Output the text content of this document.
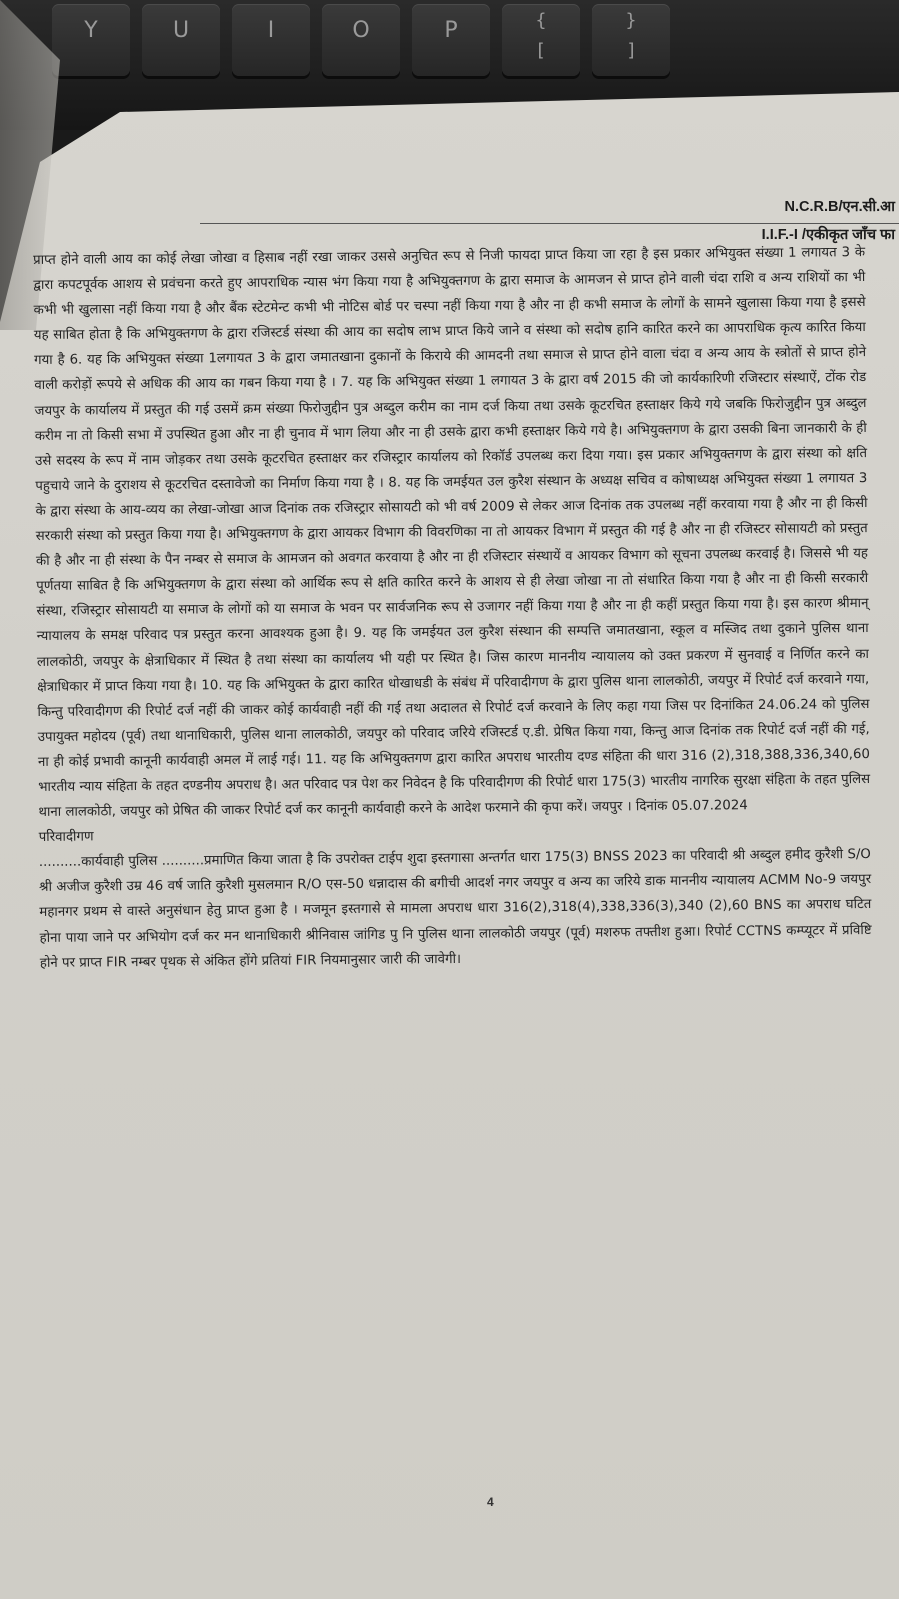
Y	U	I	O	P	{
[
}
]
N.C.R.B/एन.सी.आ
I.I.F.-I /एकीकृत जाँच फा

प्राप्त होने वाली आय का कोई लेखा जोखा व हिसाब नहीं रखा जाकर उससे अनुचित रूप से निजी फायदा प्राप्त किया जा रहा है इस प्रकार अभियुक्त संख्या 1 लगायत 3 के द्वारा कपटपूर्वक आशय से प्रवंचना करते हुए आपराधिक न्यास भंग किया गया है अभियुक्तगण के द्वारा समाज के आमजन से प्राप्त होने वाली चंदा राशि व अन्य राशियों का भी कभी भी खुलासा नहीं किया गया है और बैंक स्टेटमेन्ट कभी भी नोटिस बोर्ड पर चस्पा नहीं किया गया है और ना ही कभी समाज के लोगों के सामने खुलासा किया गया है इससे यह साबित होता है कि अभियुक्तगण के द्वारा रजिस्टर्ड संस्था की आय का सदोष लाभ प्राप्त किये जाने व संस्था को सदोष हानि कारित करने का आपराधिक कृत्य कारित किया गया है 6. यह कि अभियुक्त संख्या 1लगायत 3 के द्वारा जमातखाना दुकानों के किराये की आमदनी तथा समाज से प्राप्त होने वाला चंदा व अन्य आय के स्त्रोतों से प्राप्त होने वाली करोड़ों रूपये से अधिक की आय का गबन किया गया है । 7. यह कि अभियुक्त संख्या 1 लगायत 3 के द्वारा वर्ष 2015 की जो कार्यकारिणी रजिस्टार संस्थाऐं, टोंक रोड जयपुर के कार्यालय में प्रस्तुत की गई उसमें क्रम संख्या फिरोजुद्दीन पुत्र अब्दुल करीम का नाम दर्ज किया तथा उसके कूटरचित हस्ताक्षर किये गये जबकि फिरोजुद्दीन पुत्र अब्दुल करीम ना तो किसी सभा में उपस्थित हुआ और ना ही चुनाव में भाग लिया और ना ही उसके द्वारा कभी हस्ताक्षर किये गये है। अभियुक्तगण के द्वारा उसकी बिना जानकारी के ही उसे सदस्य के रूप में नाम जोड़कर तथा उसके कूटरचित हस्ताक्षर कर रजिस्ट्रार कार्यालय को रिकॉर्ड उपलब्ध करा दिया गया। इस प्रकार अभियुक्तगण के द्वारा संस्था को क्षति पहुचाये जाने के दुराशय से कूटरचित दस्तावेजो का निर्माण किया गया है । 8. यह कि जमईयत उल कुरैश संस्थान के अध्यक्ष सचिव व कोषाध्यक्ष अभियुक्त संख्या 1 लगायत 3 के द्वारा संस्था के आय-व्यय का लेखा-जोखा आज दिनांक तक रजिस्ट्रार सोसायटी को भी वर्ष 2009 से लेकर आज दिनांक तक उपलब्ध नहीं करवाया गया है और ना ही किसी सरकारी संस्था को प्रस्तुत किया गया है। अभियुक्तगण के द्वारा आयकर विभाग की विवरणिका ना तो आयकर विभाग में प्रस्तुत की गई है और ना ही रजिस्टर सोसायटी को प्रस्तुत की है और ना ही संस्था के पैन नम्बर से समाज के आमजन को अवगत करवाया है और ना ही रजिस्टार संस्थायें व आयकर विभाग को सूचना उपलब्ध करवाई है। जिससे भी यह पूर्णतया साबित है कि अभियुक्तगण के द्वारा संस्था को आर्थिक रूप से क्षति कारित करने के आशय से ही लेखा जोखा ना तो संधारित किया गया है और ना ही किसी सरकारी संस्था, रजिस्ट्रार सोसायटी या समाज के लोगों को या समाज के भवन पर सार्वजनिक रूप से उजागर नहीं किया गया है और ना ही कहीं प्रस्तुत किया गया है। इस कारण श्रीमान् न्यायालय के समक्ष परिवाद पत्र प्रस्तुत करना आवश्यक हुआ है। 9. यह कि जमईयत उल कुरैश संस्थान की सम्पत्ति जमातखाना, स्कूल व मस्जिद तथा दुकाने पुलिस थाना लालकोठी, जयपुर के क्षेत्राधिकार में स्थित है तथा संस्था का कार्यालय भी यही पर स्थित है। जिस कारण माननीय न्यायालय को उक्त प्रकरण में सुनवाई व निर्णित करने का क्षेत्राधिकार में प्राप्त किया गया है। 10. यह कि अभियुक्त के द्वारा कारित धोखाधडी के संबंध में परिवादीगण के द्वारा पुलिस थाना लालकोठी, जयपुर में रिपोर्ट दर्ज करवाने गया, किन्तु परिवादीगण की रिपोर्ट दर्ज नहीं की जाकर कोई कार्यवाही नहीं की गई तथा अदालत से रिपोर्ट दर्ज करवाने के लिए कहा गया जिस पर दिनांकित 24.06.24 को पुलिस उपायुक्त महोदय (पूर्व) तथा थानाधिकारी, पुलिस थाना लालकोठी, जयपुर को परिवाद जरिये रजिस्टर्ड ए.डी. प्रेषित किया गया, किन्तु आज दिनांक तक रिपोर्ट दर्ज नहीं की गई, ना ही कोई प्रभावी कानूनी कार्यवाही अमल में लाई गई। 11. यह कि अभियुक्तगण द्वारा कारित अपराध भारतीय दण्ड संहिता की धारा 316 (2),318,388,336,340,60 भारतीय न्याय संहिता के तहत दण्डनीय अपराध है। अत परिवाद पत्र पेश कर निवेदन है कि परिवादीगण की रिपोर्ट धारा 175(3) भारतीय नागरिक सुरक्षा संहिता के तहत पुलिस थाना लालकोठी, जयपुर को प्रेषित की जाकर रिपोर्ट दर्ज कर कानूनी कार्यवाही करने के आदेश फरमाने की कृपा करें। जयपुर । दिनांक 05.07.2024

परिवादीगण

..........कार्यवाही पुलिस ..........प्रमाणित किया जाता है कि उपरोक्त टाईप शुदा इस्तगासा अन्तर्गत धारा 175(3) BNSS 2023 का परिवादी श्री अब्दुल हमीद कुरैशी S/O श्री अजीज कुरैशी उम्र 46 वर्ष जाति कुरैशी मुसलमान R/O एस-50 धन्नादास की बगीची आदर्श नगर जयपुर व अन्य का जरिये डाक माननीय न्यायालय ACMM No-9 जयपुर महानगर प्रथम से वास्ते अनुसंधान हेतु प्राप्त हुआ है । मजमून इस्तगासे से मामला अपराध धारा 316(2),318(4),338,336(3),340 (2),60 BNS का अपराध घटित होना पाया जाने पर अभियोग दर्ज कर मन थानाधिकारी श्रीनिवास जांगिड पु नि पुलिस थाना लालकोठी जयपुर (पूर्व) मशरुफ तफ्तीश हुआ। रिपोर्ट CCTNS कम्प्यूटर में प्रविष्टि होने पर प्राप्त FIR नम्बर पृथक से अंकित होंगे प्रतियां FIR नियमानुसार जारी की जावेगी।

4
